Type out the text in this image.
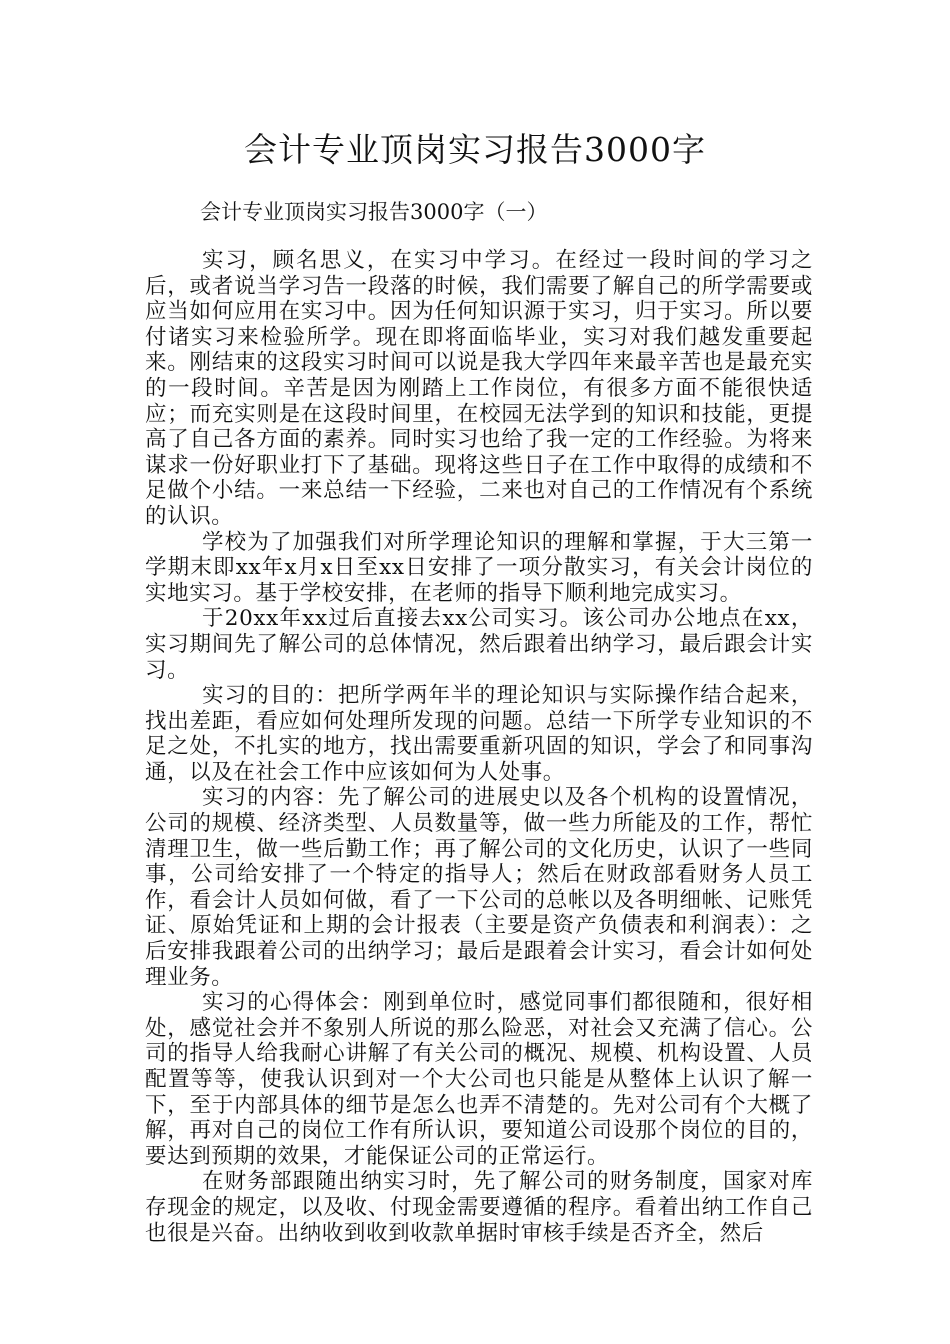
会计专业顶岗实习报告3000字
会计专业顶岗实习报告3000字（一）

实习，顾名思义，在实习中学习。在经过一段时间的学习之后，或者说当学习告一段落的时候，我们需要了解自己的所学需要或应当如何应用在实习中。因为任何知识源于实习，归于实习。所以要付诸实习来检验所学。现在即将面临毕业，实习对我们越发重要起来。刚结束的这段实习时间可以说是我大学四年来最辛苦也是最充实的一段时间。辛苦是因为刚踏上工作岗位，有很多方面不能很快适应；而充实则是在这段时间里，在校园无法学到的知识和技能，更提高了自己各方面的素养。同时实习也给了我一定的工作经验。为将来谋求一份好职业打下了基础。现将这些日子在工作中取得的成绩和不足做个小结。一来总结一下经验，二来也对自己的工作情况有个系统的认识。

学校为了加强我们对所学理论知识的理解和掌握，于大三第一学期末即xx年x月x日至xx日安排了一项分散实习，有关会计岗位的实地实习。基于学校安排，在老师的指导下顺利地完成实习。

于20xx年xx过后直接去xx公司实习。该公司办公地点在xx，实习期间先了解公司的总体情况，然后跟着出纳学习，最后跟会计实习。

实习的目的：把所学两年半的理论知识与实际操作结合起来，找出差距，看应如何处理所发现的问题。总结一下所学专业知识的不足之处，不扎实的地方，找出需要重新巩固的知识，学会了和同事沟通，以及在社会工作中应该如何为人处事。

实习的内容：先了解公司的进展史以及各个机构的设置情况，公司的规模、经济类型、人员数量等，做一些力所能及的工作，帮忙清理卫生，做一些后勤工作；再了解公司的文化历史，认识了一些同事，公司给安排了一个特定的指导人；然后在财政部看财务人员工作，看会计人员如何做，看了一下公司的总帐以及各明细帐、记账凭证、原始凭证和上期的会计报表（主要是资产负债表和利润表）：之后安排我跟着公司的出纳学习；最后是跟着会计实习，看会计如何处理业务。

实习的心得体会：刚到单位时，感觉同事们都很随和，很好相处，感觉社会并不象别人所说的那么险恶，对社会又充满了信心。公司的指导人给我耐心讲解了有关公司的概况、规模、机构设置、人员配置等等，使我认识到对一个大公司也只能是从整体上认识了解一下，至于内部具体的细节是怎么也弄不清楚的。先对公司有个大概了解，再对自己的岗位工作有所认识，要知道公司设那个岗位的目的，要达到预期的效果，才能保证公司的正常运行。

在财务部跟随出纳实习时，先了解公司的财务制度，国家对库存现金的规定，以及收、付现金需要遵循的程序。看着出纳工作自己也很是兴奋。出纳收到收到收款单据时审核手续是否齐全，然后
